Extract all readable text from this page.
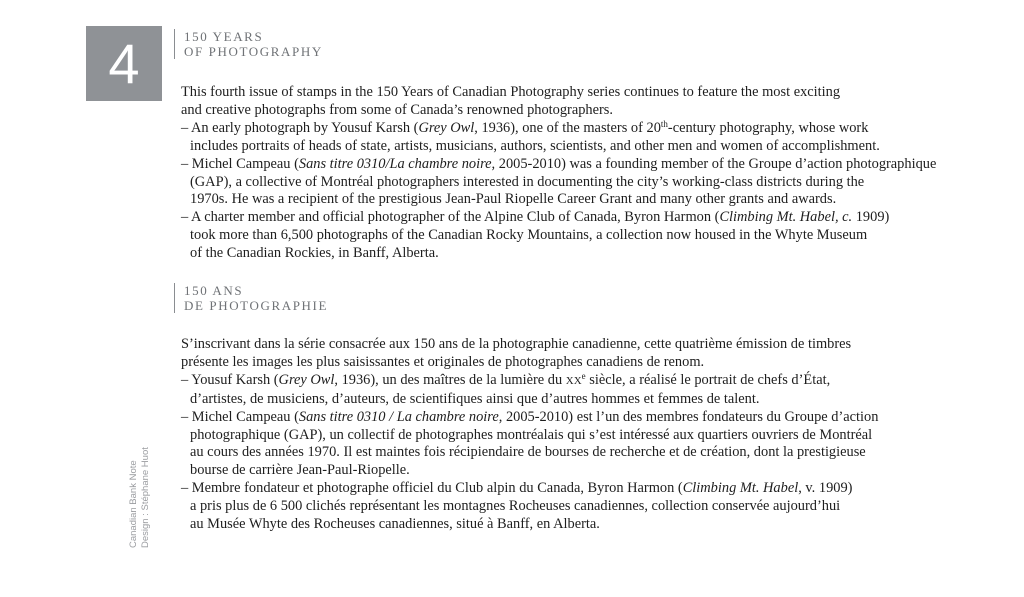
4	150 YEARS
OF PHOTOGRAPHY

This fourth issue of stamps in the 150 Years of Canadian Photography series continues to feature the most exciting
and creative photographs from some of Canada’s renowned photographers.

– An early photograph by Yousuf Karsh (Grey Owl, 1936), one of the masters of 20th-century photography, whose work
includes portraits of heads of state, artists, musicians, authors, scientists, and other men and women of accomplishment.

– Michel Campeau (Sans titre 0310/La chambre noire, 2005-2010) was a founding member of the Groupe d’action photographique
(GAP), a collective of Montréal photographers interested in documenting the city’s working-class districts during the
1970s. He was a recipient of the prestigious Jean-Paul Riopelle Career Grant and many other grants and awards.

– A charter member and official photographer of the Alpine Club of Canada, Byron Harmon (Climbing Mt. Habel, c. 1909)
took more than 6,500 photographs of the Canadian Rocky Mountains, a collection now housed in the Whyte Museum
of the Canadian Rockies, in Banff, Alberta.

150 ANS
DE PHOTOGRAPHIE

S’inscrivant dans la série consacrée aux 150 ans de la photographie canadienne, cette quatrième émission de timbres
présente les images les plus saisissantes et originales de photographes canadiens de renom.

– Yousuf Karsh (Grey Owl, 1936), un des maîtres de la lumière du XXe siècle, a réalisé le portrait de chefs d’État,
d’artistes, de musiciens, d’auteurs, de scientifiques ainsi que d’autres hommes et femmes de talent.

– Michel Campeau (Sans titre 0310 / La chambre noire, 2005-2010) est l’un des membres fondateurs du Groupe d’action
photographique (GAP), un collectif de photographes montréalais qui s’est intéressé aux quartiers ouvriers de Montréal
au cours des années 1970. Il est maintes fois récipiendaire de bourses de recherche et de création, dont la prestigieuse
bourse de carrière Jean-Paul-Riopelle.

– Membre fondateur et photographe officiel du Club alpin du Canada, Byron Harmon (Climbing Mt. Habel, v. 1909)
a pris plus de 6 500 clichés représentant les montagnes Rocheuses canadiennes, collection conservée aujourd’hui
au Musée Whyte des Rocheuses canadiennes, situé à Banff, en Alberta.

Canadian Bank Note Design : Stéphane Huot
